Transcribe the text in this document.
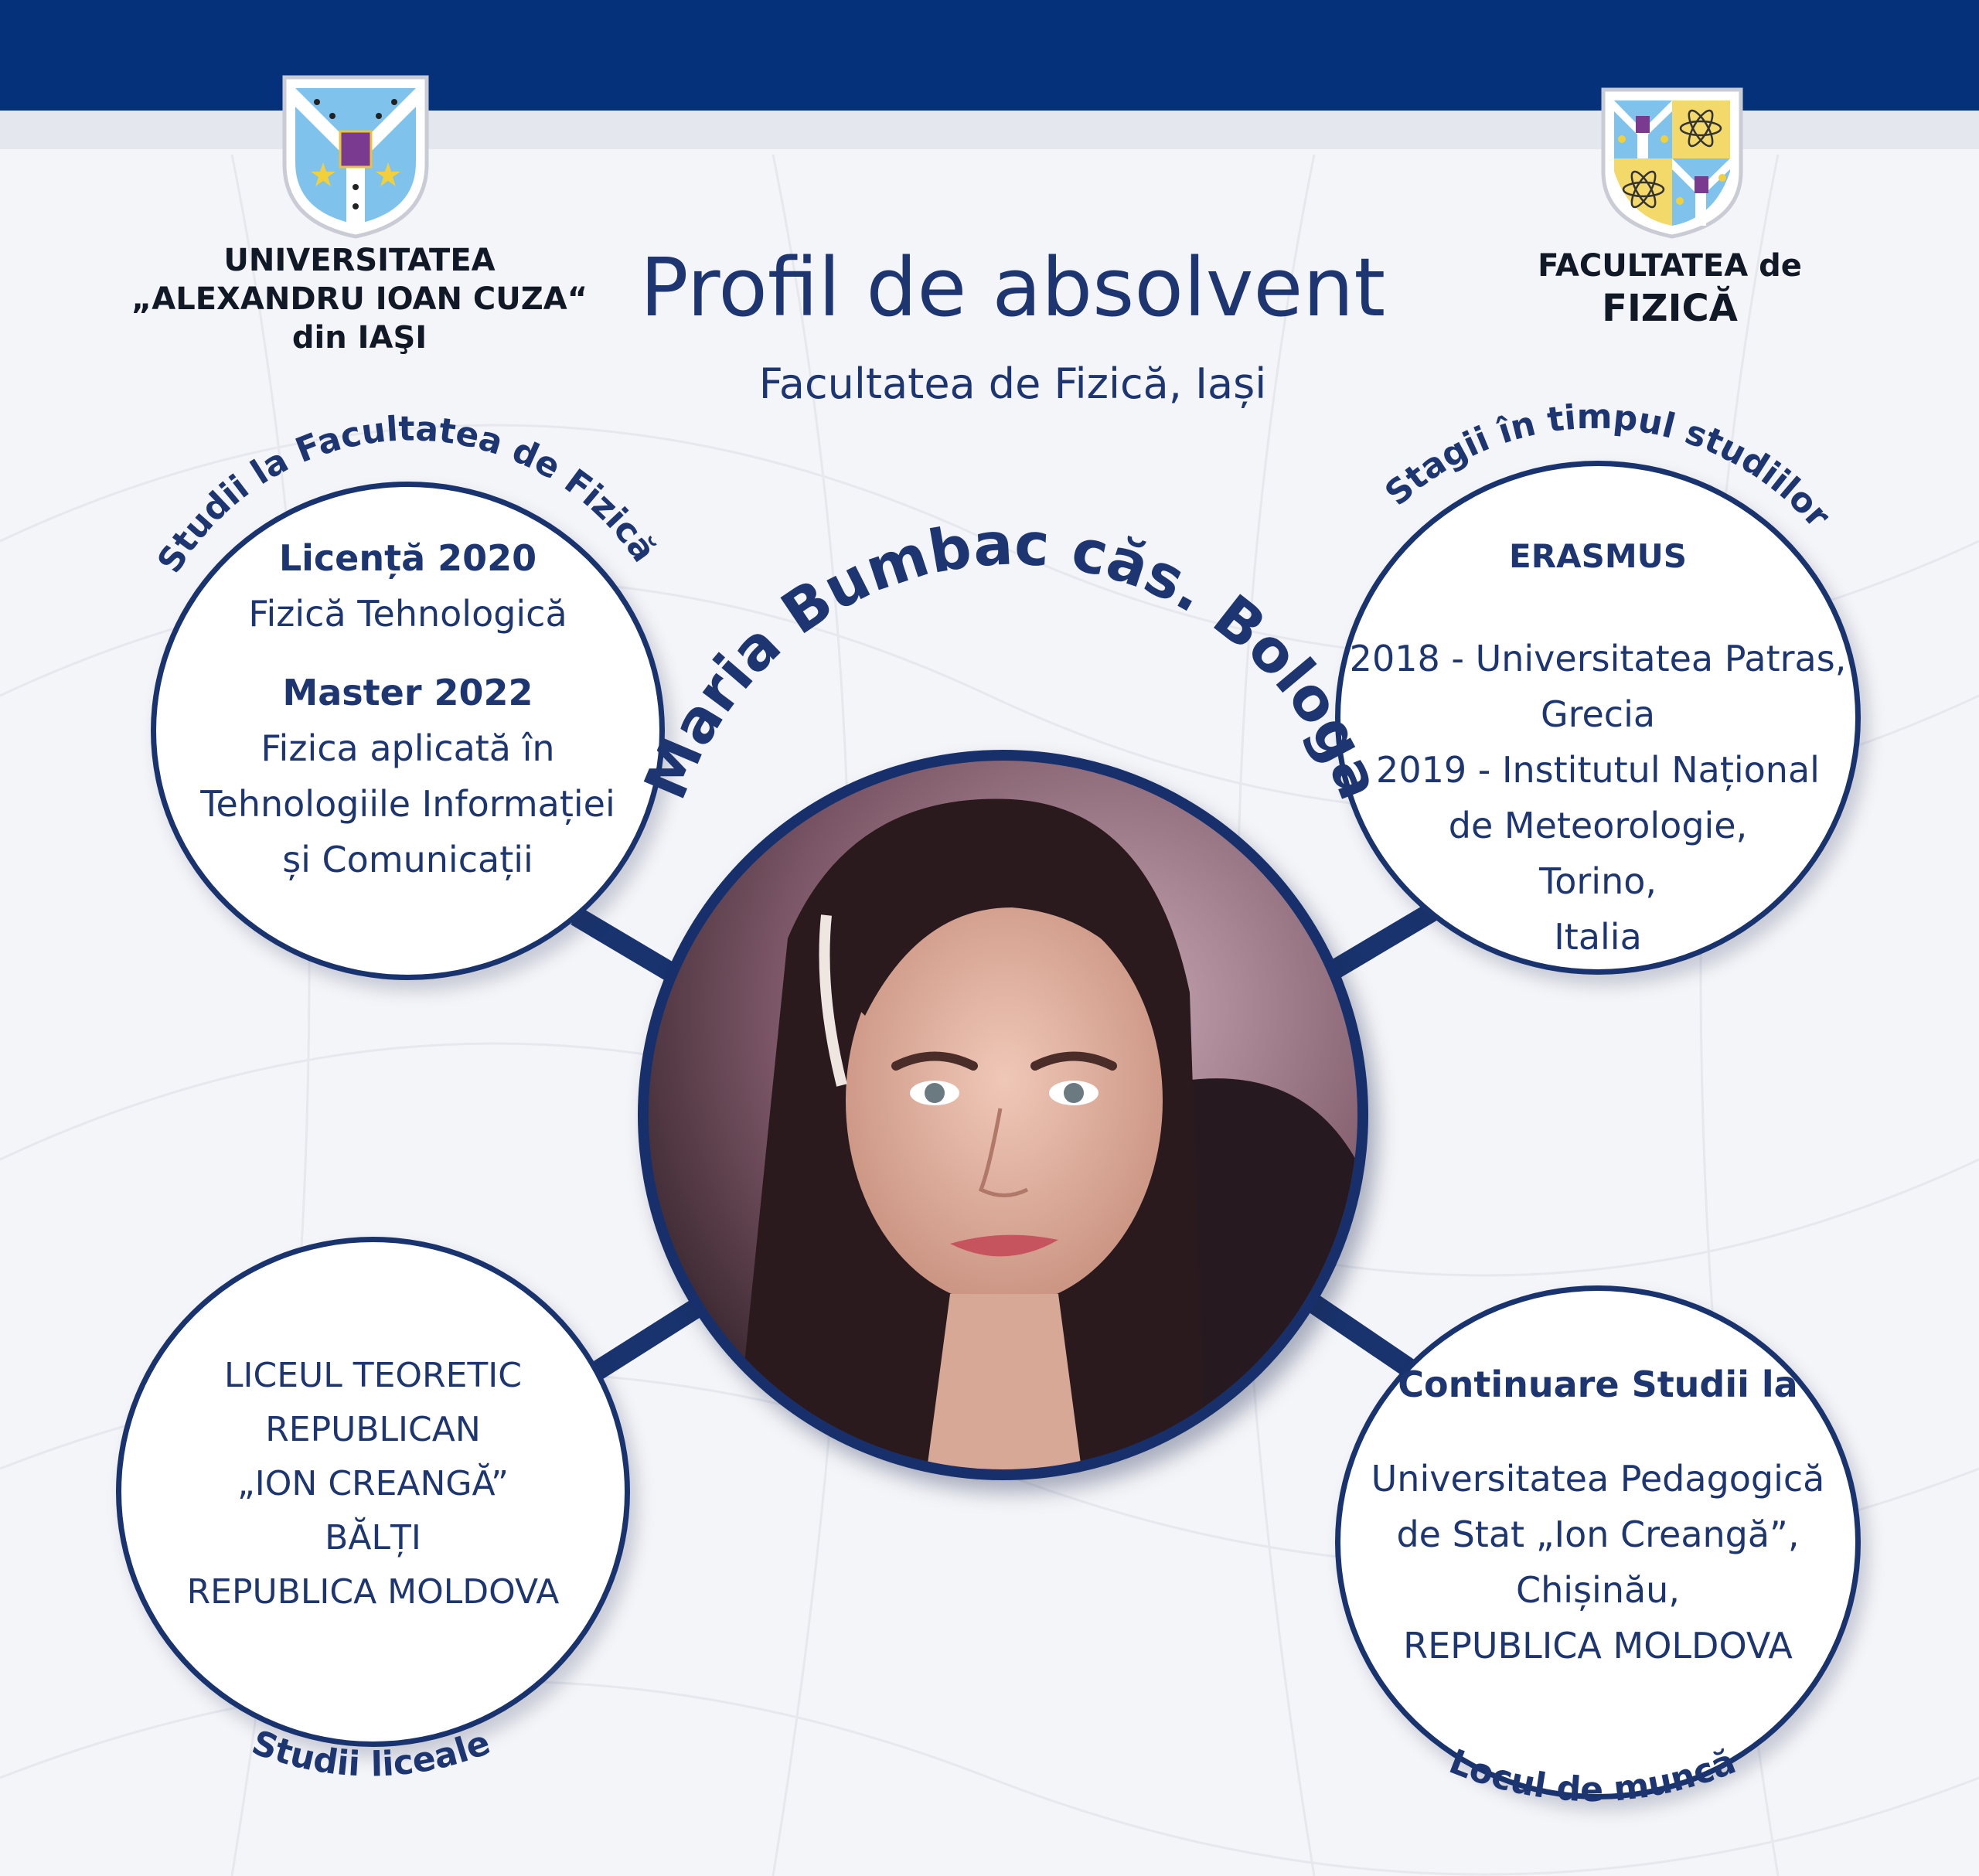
UNIVERSITATEA
„ALEXANDRU IOAN CUZA“
din IAŞI
FACULTATEA de
FIZICĂ
Profil de absolvent
Facultatea de Fizică, Iași
Licență 2020
Fizică Tehnologică
Master 2022
Fizica aplicată în
Tehnologiile Informației
și Comunicații
ERASMUS
2018 - Universitatea Patras,
Grecia
2019 - Institutul Național
de Meteorologie,
Torino,
Italia
LICEUL TEORETIC
REPUBLICAN
„ION CREANGĂ”
BĂLȚI
REPUBLICA MOLDOVA
Continuare Studii la
Universitatea Pedagogică
de Stat „Ion Creangă”,
Chișinău,
REPUBLICA MOLDOVA
Maria Bumbac căs. Bologa
Studii la Facultatea de Fizică
Stagii în timpul studiilor
Studii liceale	Locul de muncă
